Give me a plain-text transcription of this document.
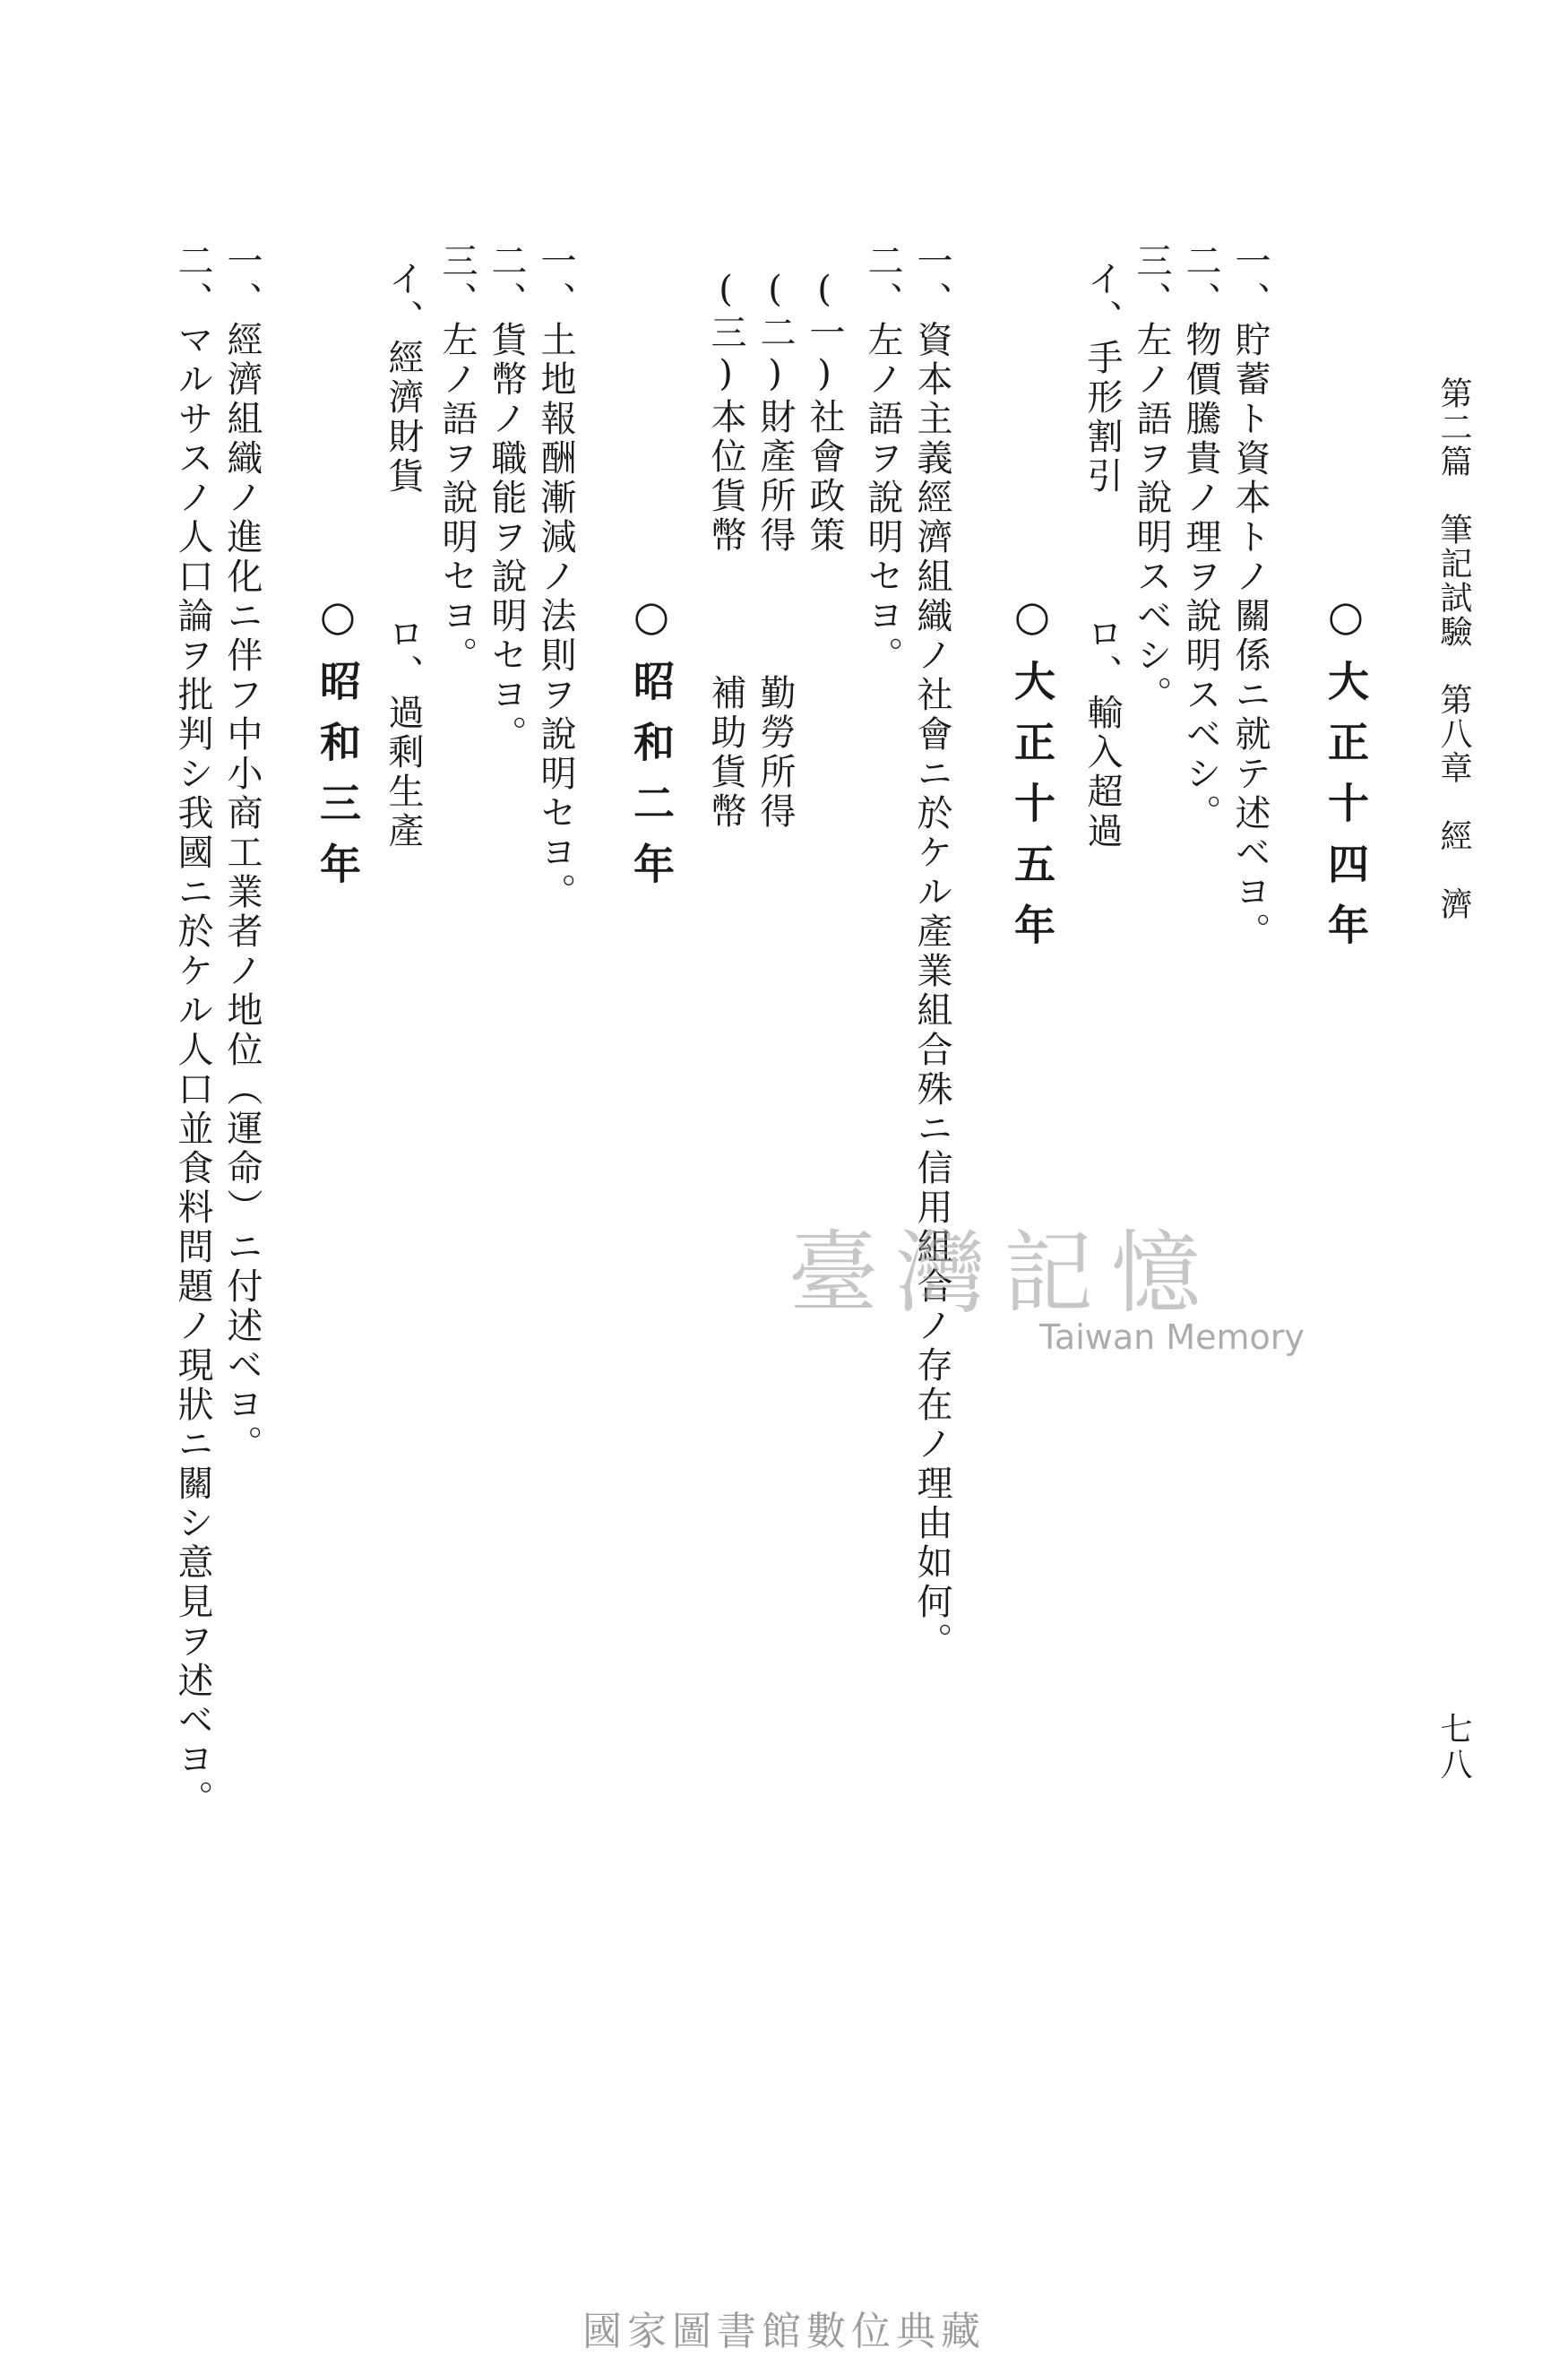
第二篇　筆記試驗　第八章　經　濟
○大正十四年
一、貯蓄ト資本トノ關係ニ就テ述ベヨ。
二、物價騰貴ノ理ヲ說明スベシ。
三、左ノ語ヲ說明スベシ。
イ、手形割引　　　ロ、輸入超過
○大正十五年
一、資本主義經濟組織ノ社會ニ於ケル產業組合殊ニ信用組合ノ存在ノ理由如何。
二、左ノ語ヲ說明セヨ。
(一)社會政策
(二)財產所得　　　勤勞所得
(三)本位貨幣　　　補助貨幣
○昭和二年
一、土地報酬漸減ノ法則ヲ說明セヨ。
二、貨幣ノ職能ヲ說明セヨ。
三、左ノ語ヲ說明セヨ。
イ、經濟財貨　　　ロ、過剩生產
○昭和三年
一、經濟組織ノ進化ニ伴フ中小商工業者ノ地位（運命）ニ付述ベヨ。
二、マルサスノ人口論ヲ批判シ我國ニ於ケル人口並食料問題ノ現狀ニ關シ意見ヲ述ベヨ。	七八
臺灣記憶
Taiwan Memory
國家圖書館數位典藏
